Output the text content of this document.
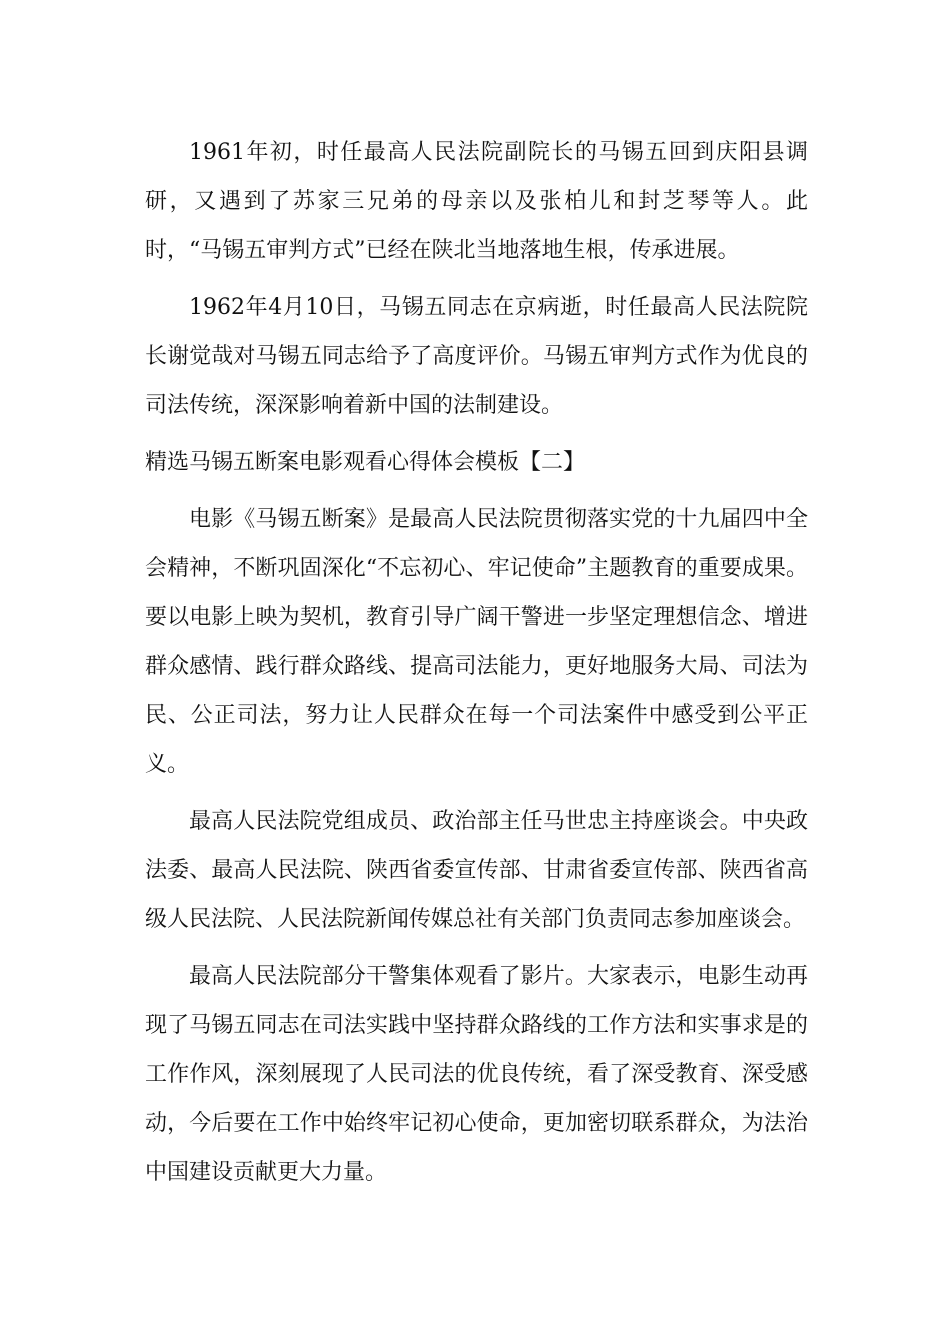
1961年初，时任最高人民法院副院长的马锡五回到庆阳县调研，又遇到了苏家三兄弟的母亲以及张柏儿和封芝琴等人。此时，“马锡五审判方式”已经在陕北当地落地生根，传承进展。

1962年4月10日，马锡五同志在京病逝，时任最高人民法院院长谢觉哉对马锡五同志给予了高度评价。马锡五审判方式作为优良的司法传统，深深影响着新中国的法制建设。

精选马锡五断案电影观看心得体会模板【二】

电影《马锡五断案》是最高人民法院贯彻落实党的十九届四中全会精神，不断巩固深化“不忘初心、牢记使命”主题教育的重要成果。要以电影上映为契机，教育引导广阔干警进一步坚定理想信念、增进群众感情、践行群众路线、提高司法能力，更好地服务大局、司法为民、公正司法，努力让人民群众在每一个司法案件中感受到公平正义。

最高人民法院党组成员、政治部主任马世忠主持座谈会。中央政法委、最高人民法院、陕西省委宣传部、甘肃省委宣传部、陕西省高级人民法院、人民法院新闻传媒总社有关部门负责同志参加座谈会。

最高人民法院部分干警集体观看了影片。大家表示，电影生动再现了马锡五同志在司法实践中坚持群众路线的工作方法和实事求是的工作作风，深刻展现了人民司法的优良传统，看了深受教育、深受感动，今后要在工作中始终牢记初心使命，更加密切联系群众，为法治中国建设贡献更大力量。
